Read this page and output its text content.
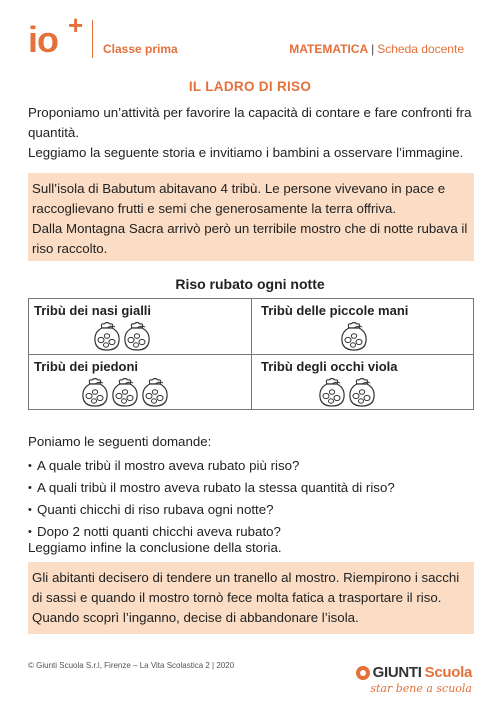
io +
Classe prima	MATEMATICA | Scheda docente
IL LADRO DI RISO
Proponiamo un’attività per favorire la capacità di contare e fare confronti fra quantità.
Leggiamo la seguente storia e invitiamo i bambini a osservare l’immagine.

Sull’isola di Babutum abitavano 4 tribù. Le persone vivevano in pace e raccoglievano frutti e semi che generosamente la terra offriva.

Dalla Montagna Sacra arrivò però un terribile mostro che di notte rubava il riso raccolto.

Riso rubato ogni notte
Tribù dei nasi gialli	Tribù delle piccole mani
Tribù dei piedoni	Tribù degli occhi viola
Poniamo le seguenti domande:
• A quale tribù il mostro aveva rubato più riso?
• A quali tribù il mostro aveva rubato la stessa quantità di riso?
• Quanti chicchi di riso rubava ogni notte?
• Dopo 2 notti quanti chicchi aveva rubato?
Leggiamo infine la conclusione della storia.

Gli abitanti decisero di tendere un tranello al mostro. Riempirono i sacchi di sassi e quando il mostro tornò fece molta fatica a trasportare il riso.

Quando scoprì l’inganno, decise di abbandonare l’isola.

© Giunti Scuola S.r.l, Firenze – La Vita Scolastica 2 | 2020	GIUNTI Scuola
star bene a scuola
